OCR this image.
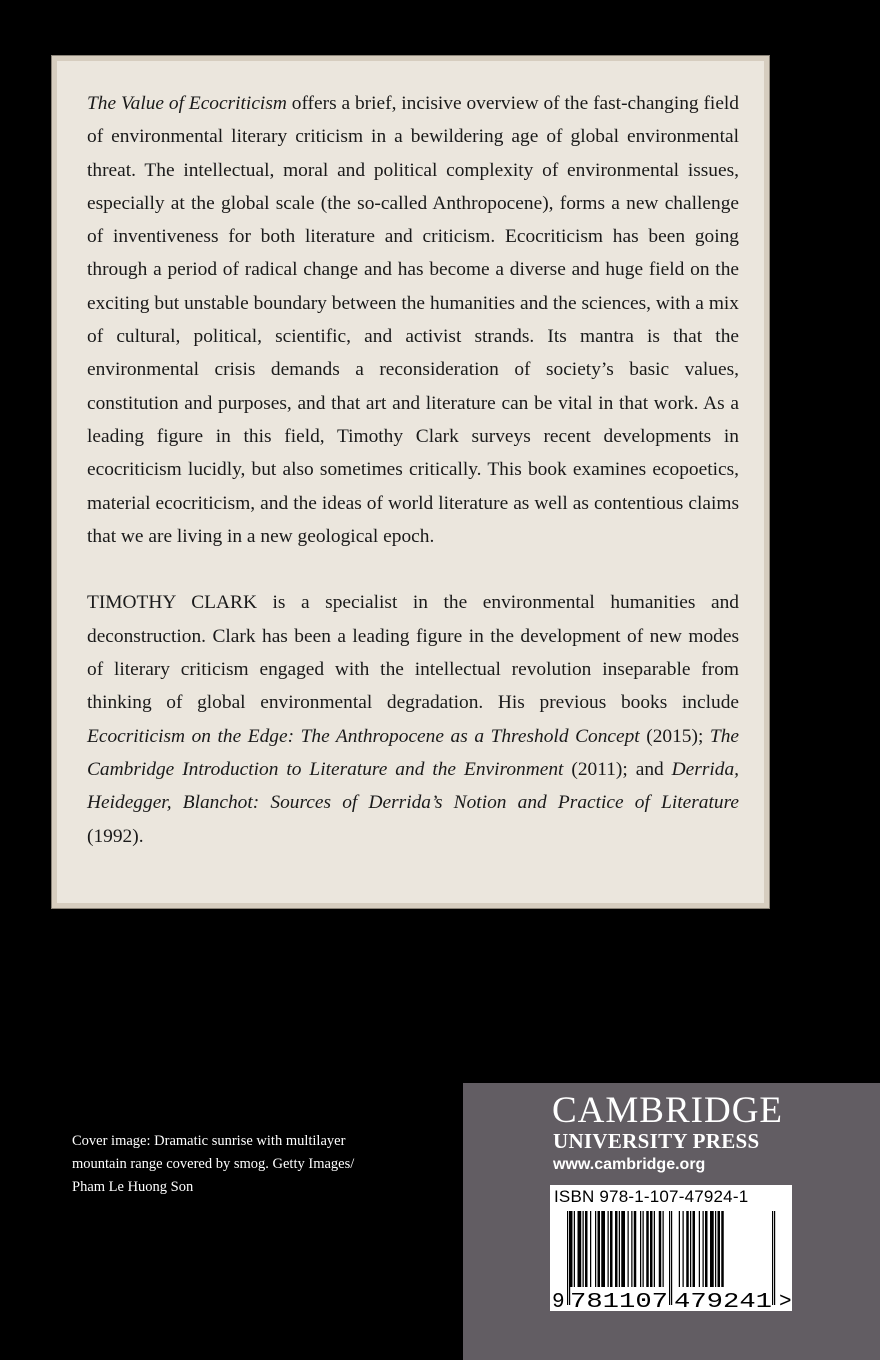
The Value of Ecocriticism offers a brief, incisive overview of the fast-changing field of environmental literary criticism in a bewildering age of global environmental threat. The intellectual, moral and political complexity of environmental issues, especially at the global scale (the so-called Anthropocene), forms a new challenge of inventiveness for both literature and criticism. Ecocriticism has been going through a period of radical change and has become a diverse and huge field on the exciting but unstable boundary between the humanities and the sciences, with a mix of cultural, political, scientific, and activist strands. Its mantra is that the environmental crisis demands a reconsideration of society’s basic values, constitution and purposes, and that art and literature can be vital in that work. As a leading figure in this field, Timothy Clark surveys recent developments in ecocriticism lucidly, but also sometimes critically. This book examines ecopoetics, material ecocriticism, and the ideas of world literature as well as contentious claims that we are living in a new geological epoch.

TIMOTHY CLARK is a specialist in the environmental humanities and deconstruction. Clark has been a leading figure in the development of new modes of literary criticism engaged with the intellectual revolution inseparable from thinking of global environmental degradation. His previous books include Ecocriticism on the Edge: The Anthropocene as a Threshold Concept (2015); The Cambridge Introduction to Literature and the Environment (2011); and Derrida, Heidegger, Blanchot: Sources of Derrida’s Notion and Practice of Literature (1992).

Cover image: Dramatic sunrise with multilayer
mountain range covered by smog. Getty Images/
Pham Le Huong Son
CAMBRIDGE
UNIVERSITY PRESS
www.cambridge.org
9 781107 479241 >
ISBN 978-1-107-47924-1
